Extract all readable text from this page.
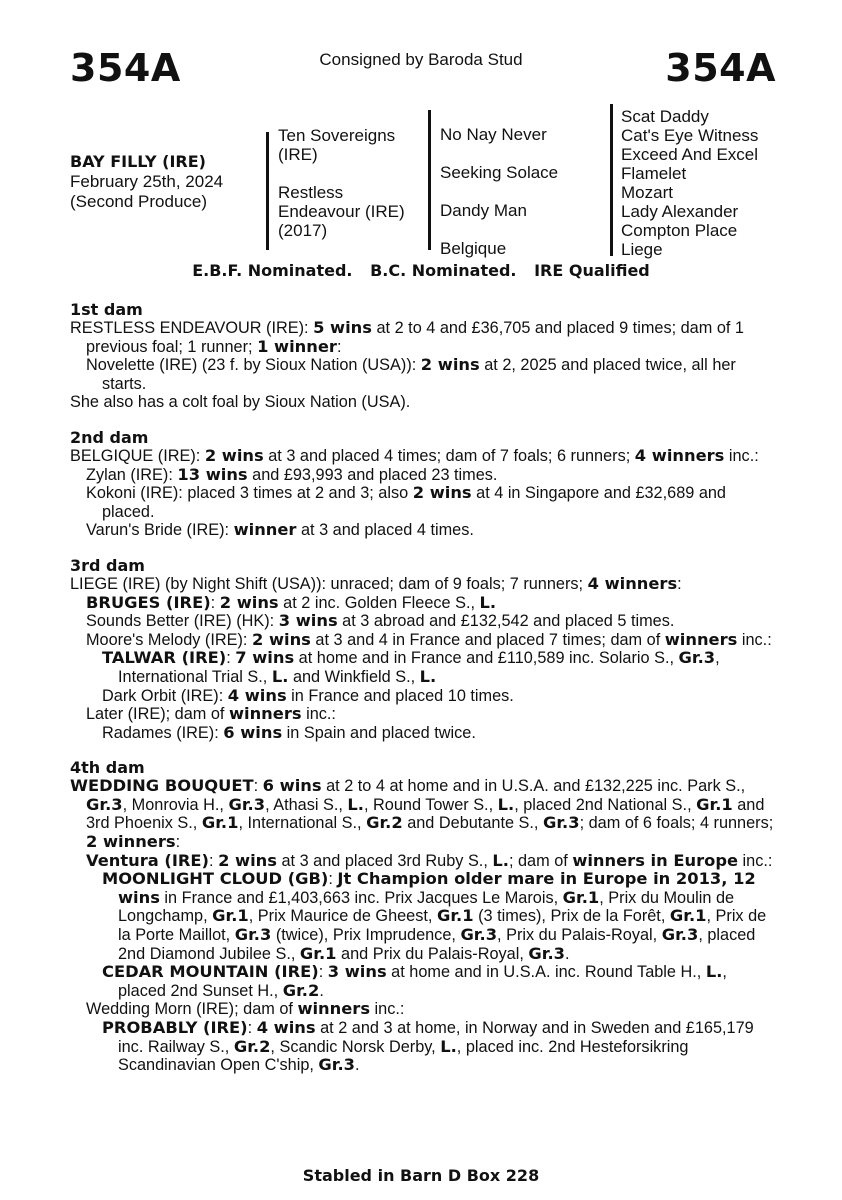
354A	Consigned by Baroda Stud	354A
BAY FILLY (IRE)
February 25th, 2024
(Second Produce)
Ten Sovereigns
(IRE)
Restless
Endeavour (IRE)
(2017)
No Nay Never
Seeking Solace
Dandy Man
Belgique
Scat Daddy
Cat's Eye Witness
Exceed And Excel
Flamelet
Mozart
Lady Alexander
Compton Place
Liege
E.B.F. Nominated. B.C. Nominated. IRE Qualified
1st dam
RESTLESS ENDEAVOUR (IRE): 5 wins at 2 to 4 and £36,705 and placed 9 times; dam of 1 previous foal; 1 runner; 1 winner:
Novelette (IRE) (23 f. by Sioux Nation (USA)): 2 wins at 2, 2025 and placed twice, all her starts.
She also has a colt foal by Sioux Nation (USA).
2nd dam
BELGIQUE (IRE): 2 wins at 3 and placed 4 times; dam of 7 foals; 6 runners; 4 winners inc.:
Zylan (IRE): 13 wins and £93,993 and placed 23 times.
Kokoni (IRE): placed 3 times at 2 and 3; also 2 wins at 4 in Singapore and £32,689 and placed.
Varun's Bride (IRE): winner at 3 and placed 4 times.
3rd dam
LIEGE (IRE) (by Night Shift (USA)): unraced; dam of 9 foals; 7 runners; 4 winners:
BRUGES (IRE): 2 wins at 2 inc. Golden Fleece S., L.
Sounds Better (IRE) (HK): 3 wins at 3 abroad and £132,542 and placed 5 times.
Moore's Melody (IRE): 2 wins at 3 and 4 in France and placed 7 times; dam of winners inc.:
TALWAR (IRE): 7 wins at home and in France and £110,589 inc. Solario S., Gr.3, International Trial S., L. and Winkfield S., L.
Dark Orbit (IRE): 4 wins in France and placed 10 times.
Later (IRE); dam of winners inc.:
Radames (IRE): 6 wins in Spain and placed twice.
4th dam
WEDDING BOUQUET: 6 wins at 2 to 4 at home and in U.S.A. and £132,225 inc. Park S., Gr.3, Monrovia H., Gr.3, Athasi S., L., Round Tower S., L., placed 2nd National S., Gr.1 and 3rd Phoenix S., Gr.1, International S., Gr.2 and Debutante S., Gr.3; dam of 6 foals; 4 runners; 2 winners:
Ventura (IRE): 2 wins at 3 and placed 3rd Ruby S., L.; dam of winners in Europe inc.:
MOONLIGHT CLOUD (GB): Jt Champion older mare in Europe in 2013, 12 wins in France and £1,403,663 inc. Prix Jacques Le Marois, Gr.1, Prix du Moulin de Longchamp, Gr.1, Prix Maurice de Gheest, Gr.1 (3 times), Prix de la Forêt, Gr.1, Prix de la Porte Maillot, Gr.3 (twice), Prix Imprudence, Gr.3, Prix du Palais-Royal, Gr.3, placed 2nd Diamond Jubilee S., Gr.1 and Prix du Palais-Royal, Gr.3.
CEDAR MOUNTAIN (IRE): 3 wins at home and in U.S.A. inc. Round Table H., L., placed 2nd Sunset H., Gr.2.
Wedding Morn (IRE); dam of winners inc.:
PROBABLY (IRE): 4 wins at 2 and 3 at home, in Norway and in Sweden and £165,179 inc. Railway S., Gr.2, Scandic Norsk Derby, L., placed inc. 2nd Hesteforsikring Scandinavian Open C'ship, Gr.3.
Stabled in Barn D Box 228
